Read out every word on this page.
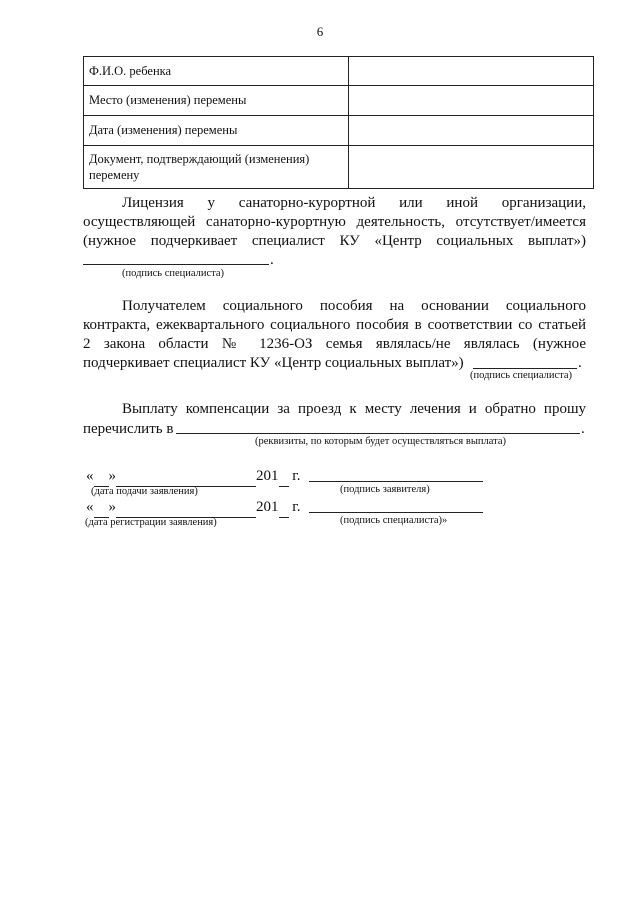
6
Ф.И.О. ребенка	
Место (изменения) перемены	
Дата (изменения) перемены	
Документ, подтверждающий (изменения) перемену	
Лицензия у санаторно-курортной или иной организации,
осуществляющей санаторно-курортную деятельность, отсутствует/имеется
(нужное подчеркивает специалист КУ «Центр социальных выплат»)
.
(подпись специалиста)
Получателем социального пособия на основании социального
контракта, ежеквартального социального пособия в соответствии со статьей
2 закона области № 1236-ОЗ семья являлась/не являлась (нужное
подчеркивает специалист КУ «Центр социальных выплат»)	.
(подпись специалиста)
Выплату компенсации за проезд к месту лечения и обратно прошу
перечислить в	.
(реквизиты, по которым будет осуществляться выплата)
« »	201 г.
(дата подачи заявления)	(подпись заявителя)
« »	201 г.
(дата регистрации заявления)	(подпись специалиста)»
